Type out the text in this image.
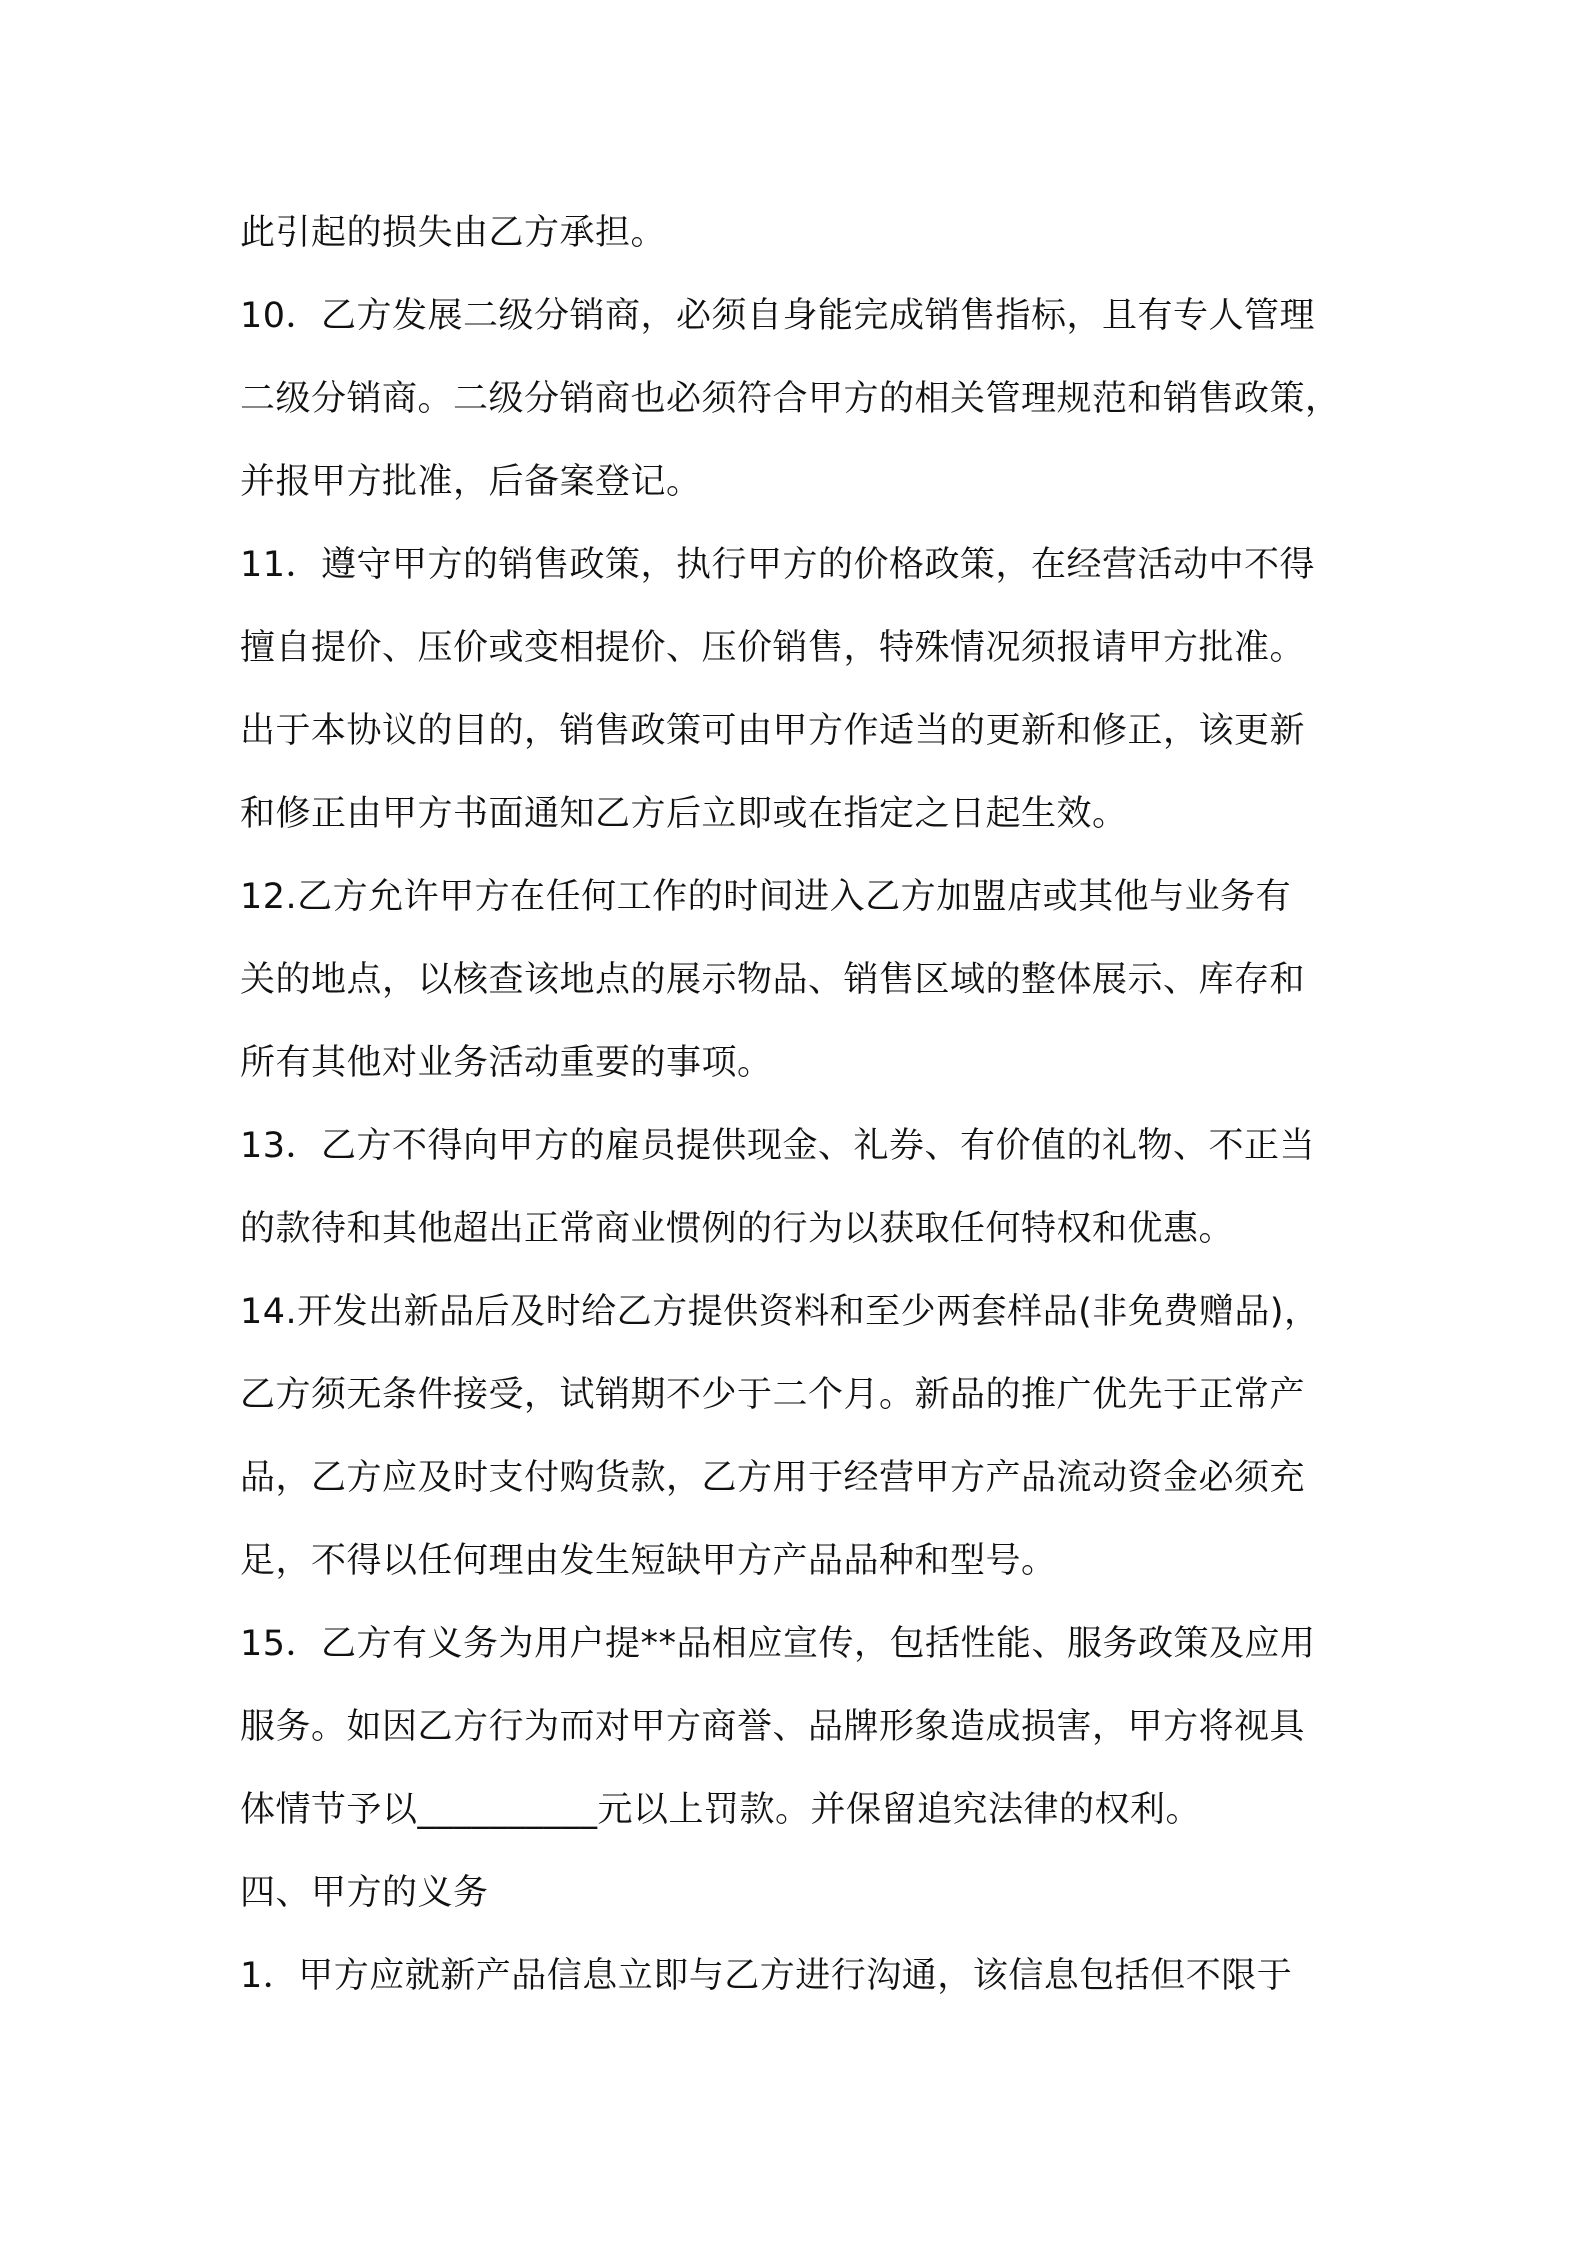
此引起的损失由乙方承担。
10．乙方发展二级分销商，必须自身能完成销售指标，且有专人管理
二级分销商。二级分销商也必须符合甲方的相关管理规范和销售政策，
并报甲方批准，后备案登记。
11．遵守甲方的销售政策，执行甲方的价格政策，在经营活动中不得
擅自提价、压价或变相提价、压价销售，特殊情况须报请甲方批准。
出于本协议的目的，销售政策可由甲方作适当的更新和修正，该更新
和修正由甲方书面通知乙方后立即或在指定之日起生效。
12.乙方允许甲方在任何工作的时间进入乙方加盟店或其他与业务有
关的地点，以核查该地点的展示物品、销售区域的整体展示、库存和
所有其他对业务活动重要的事项。
13．乙方不得向甲方的雇员提供现金、礼券、有价值的礼物、不正当
的款待和其他超出正常商业惯例的行为以获取任何特权和优惠。
14.开发出新品后及时给乙方提供资料和至少两套样品(非免费赠品)，
乙方须无条件接受，试销期不少于二个月。新品的推广优先于正常产
品，乙方应及时支付购货款，乙方用于经营甲方产品流动资金必须充
足，不得以任何理由发生短缺甲方产品品种和型号。
15．乙方有义务为用户提**品相应宣传，包括性能、服务政策及应用
服务。如因乙方行为而对甲方商誉、品牌形象造成损害，甲方将视具
体情节予以__________元以上罚款。并保留追究法律的权利。
四、甲方的义务
1．甲方应就新产品信息立即与乙方进行沟通，该信息包括但不限于
